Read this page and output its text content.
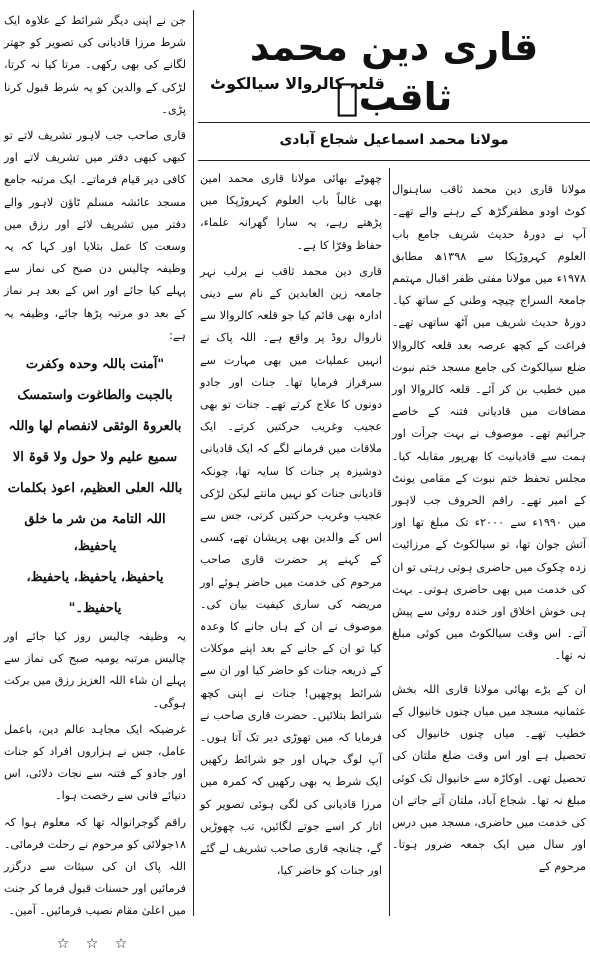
قاری دین محمد ثاقبؒ
قلعہ کالروالا سیالکوٹ
مولانا محمد اسماعیل شجاع آبادی

مولانا قاری دین محمد ثاقب ساہنوال کوٹ اودو مظفرگڑھ کے رہنے والے تھے۔ آپ نے دورۂ حدیث شریف جامع باب العلوم کہروڑپکا سے ۱۳۹۸ھ مطابق ۱۹۷۸ء میں مولانا مفتی ظفر اقبال مہتمم جامعۃ السراج چیچہ وطنی کے ساتھ کیا۔ دورۂ حدیث شریف میں آٹھ ساتھی تھے۔ فراغت کے کچھ عرصہ بعد قلعہ کالروالا ضلع سیالکوٹ کی جامع مسجد ختم نبوت میں خطیب بن کر آئے۔ قلعہ کالروالا اور مضافات میں قادیانی فتنہ کے خاصے جراثیم تھے۔ موصوف نے بہت جرأت اور ہمت سے قادیانیت کا بھرپور مقابلہ کیا۔ مجلس تحفظ ختم نبوت کے مقامی یونٹ کے امیر تھے۔ راقم الحروف جب لاہور میں ۱۹۹۰ء سے ۲۰۰۰ء تک مبلغ تھا اور آتش جوان تھا، تو سیالکوٹ کے مرزائیت زدہ چکوک میں حاضری ہوتی رہتی تو ان کی خدمت میں بھی حاضری ہوتی۔ بہت ہی خوش اخلاق اور خندہ روئی سے پیش آتے۔ اس وقت سیالکوٹ میں کوئی مبلغ نہ تھا۔

ان کے بڑے بھائی مولانا قاری اللہ بخش عثمانیہ مسجد میں میاں چنوں خانیوال کے خطیب تھے۔ میاں چنوں خانیوال کی تحصیل ہے اور اس وقت ضلع ملتان کی تحصیل تھی۔ اوکاڑہ سے خانیوال تک کوئی مبلغ نہ تھا۔ شجاع آباد، ملتان آتے جاتے ان کی خدمت میں حاضری، مسجد میں درس اور سال میں ایک جمعہ ضرور ہوتا۔ مرحوم کے

چھوٹے بھائی مولانا قاری محمد امین بھی غالباً باب العلوم کہروڑپکا میں پڑھتے رہے، یہ سارا گھرانہ علماء، حفاظ وقرّا کا ہے۔

قاری دین محمد ثاقب نے برلب نہر جامعہ زین العابدین کے نام سے دینی ادارہ بھی قائم کیا جو قلعہ کالروالا سے ناروال روڈ پر واقع ہے۔ اللہ پاک نے انہیں عملیات میں بھی مہارت سے سرفراز فرمایا تھا۔ جنات اور جادو دونوں کا علاج کرتے تھے۔ جنات تو بھی عجیب وغریب حرکتیں کرتے۔ ایک ملاقات میں فرمانے لگے کہ ایک قادیانی دوشیزہ پر جنات کا سایہ تھا، چونکہ قادیانی جنات کو نہیں مانتے لیکن لڑکی عجیب وغریب حرکتیں کرتی، جس سے اس کے والدین بھی پریشان تھے، کسی کے کہنے پر حضرت قاری صاحب مرحوم کی خدمت میں حاضر ہوئے اور مریضہ کی ساری کیفیت بیان کی۔ موصوف نے ان کے ہاں جانے کا وعدہ کیا تو ان کے جانے کے بعد اپنے موکلات کے ذریعہ جنات کو حاضر کیا اور ان سے شرائط پوچھیں! جنات نے اپنی کچھ شرائط بتلائیں۔ حضرت قاری صاحب نے فرمایا کہ میں تھوڑی دیر تک آتا ہوں۔ آپ لوگ جہاں اور جو شرائط رکھیں ایک شرط یہ بھی رکھیں کہ کمرہ میں مرزا قادیانی کی لگی ہوئی تصویر کو اتار کر اسے جوتے لگائیں، تب چھوڑیں گے، چنانچہ قاری صاحب تشریف لے گئے اور جنات کو حاضر کیا،

جن نے اپنی دیگر شرائط کے علاوہ ایک شرط مرزا قادیانی کی تصویر کو جھتر لگانے کی بھی رکھی۔ مرتا کیا نہ کرتا، لڑکی کے والدین کو یہ شرط قبول کرنا پڑی۔

قاری صاحب جب لاہور تشریف لاتے تو کبھی کبھی دفتر میں تشریف لاتے اور کافی دیر قیام فرماتے۔ ایک مرتبہ جامع مسجد عائشہ مسلم ٹاؤن لاہور والے دفتر میں تشریف لائے اور رزق میں وسعت کا عمل بتلایا اور کہا کہ یہ وظیفہ چالیس دن صبح کی نماز سے پہلے کیا جائے اور اس کے بعد ہر نماز کے بعد دو مرتبہ پڑھا جائے، وظیفہ یہ ہے:

"آمنت باللہ وحدہ وکفرت
بالجبت والطاغوت واستمسک
بالعروۃ الوثقی لانفصام لھا واللہ
سمیع علیم ولا حول ولا قوۃ الا
باللہ العلی العظیم، اعوذ بکلمات
اللہ التامۃ من شر ما خلق یاحفیظ،
یاحفیظ، یاحفیظ، یاحفیظ،
یاحفیظ۔"

یہ وظیفہ چالیس روز کیا جائے اور چالیس مرتبہ یومیہ صبح کی نماز سے پہلے ان شاء اللہ العزیز رزق میں برکت ہوگی۔

غرضیکہ ایک مجاہد عالم دین، باعمل عامل، جس نے ہزاروں افراد کو جنات اور جادو کے فتنہ سے نجات دلائی، اس دنیائے فانی سے رخصت ہوا۔

راقم گوجرانوالہ تھا کہ معلوم ہوا کہ ۱۸جولائی کو مرحوم نے رحلت فرمائی۔ اللہ پاک ان کی سیئات سے درگزر فرمائیں اور حسنات قبول فرما کر جنت میں اعلیٰ مقام نصیب فرمائیں۔ آمین۔

☆ ☆ ☆
